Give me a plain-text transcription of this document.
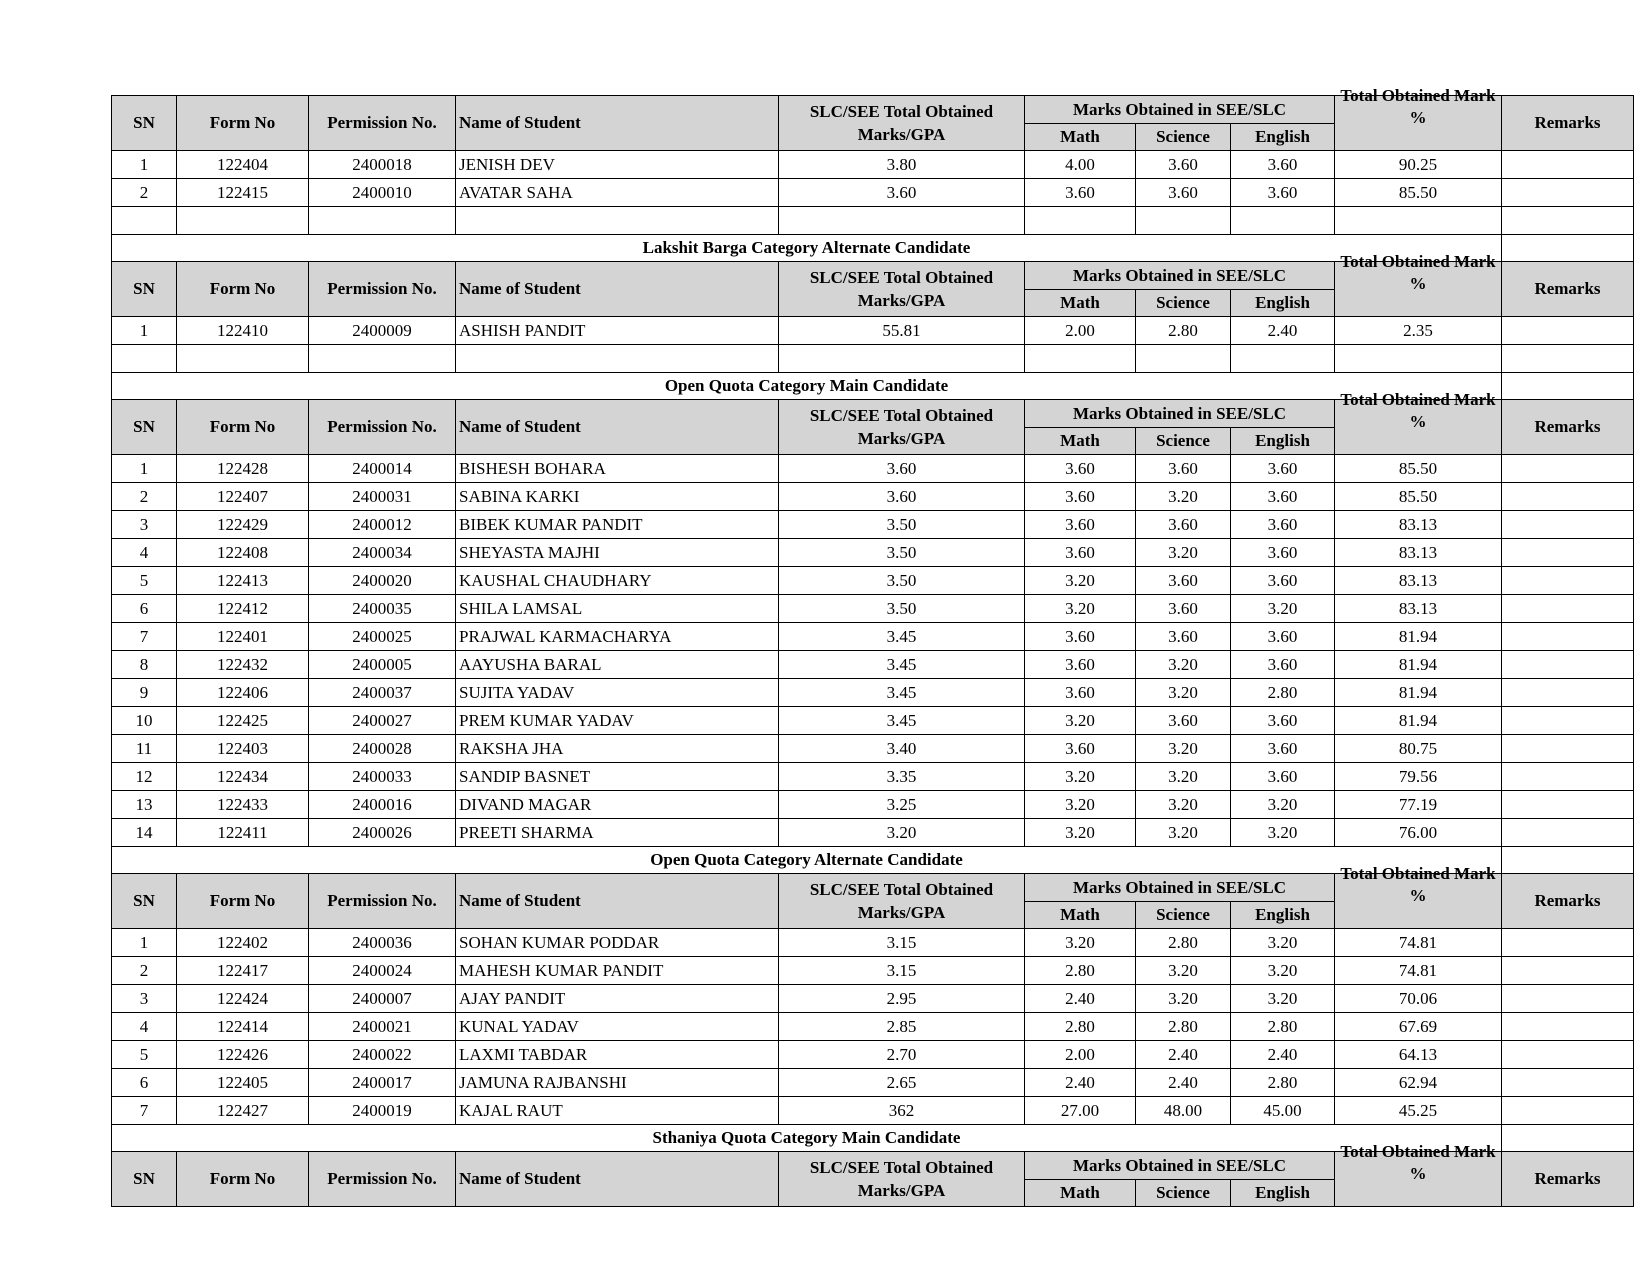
SN	Form No	Permission No.	Name of Student	SLC/SEE Total Obtained Marks/GPA	Marks Obtained in SEE/SLC			Total Obtained Mark %	Remarks
					Math	Science	English		
1	122404	2400018	JENISH DEV	3.80	4.00	3.60	3.60	90.25	
2	122415	2400010	AVATAR SAHA	3.60	3.60	3.60	3.60	85.50	

Lakshit Barga Category Alternate Candidate									
SN	Form No	Permission No.	Name of Student	SLC/SEE Total Obtained Marks/GPA	Marks Obtained in SEE/SLC			Total Obtained Mark %	Remarks
					Math	Science	English		
1	122410	2400009	ASHISH PANDIT	55.81	2.00	2.80	2.40	2.35	

Open Quota Category Main Candidate									
SN	Form No	Permission No.	Name of Student	SLC/SEE Total Obtained Marks/GPA	Marks Obtained in SEE/SLC			Total Obtained Mark %	Remarks
					Math	Science	English		
1	122428	2400014	BISHESH BOHARA	3.60	3.60	3.60	3.60	85.50	
2	122407	2400031	SABINA KARKI	3.60	3.60	3.20	3.60	85.50	
3	122429	2400012	BIBEK KUMAR PANDIT	3.50	3.60	3.60	3.60	83.13	
4	122408	2400034	SHEYASTA MAJHI	3.50	3.60	3.20	3.60	83.13	
5	122413	2400020	KAUSHAL CHAUDHARY	3.50	3.20	3.60	3.60	83.13	
6	122412	2400035	SHILA LAMSAL	3.50	3.20	3.60	3.20	83.13	
7	122401	2400025	PRAJWAL KARMACHARYA	3.45	3.60	3.60	3.60	81.94	
8	122432	2400005	AAYUSHA BARAL	3.45	3.60	3.20	3.60	81.94	
9	122406	2400037	SUJITA YADAV	3.45	3.60	3.20	2.80	81.94	
10	122425	2400027	PREM KUMAR YADAV	3.45	3.20	3.60	3.60	81.94	
11	122403	2400028	RAKSHA JHA	3.40	3.60	3.20	3.60	80.75	
12	122434	2400033	SANDIP BASNET	3.35	3.20	3.20	3.60	79.56	
13	122433	2400016	DIVAND MAGAR	3.25	3.20	3.20	3.20	77.19	
14	122411	2400026	PREETI SHARMA	3.20	3.20	3.20	3.20	76.00	
Open Quota Category Alternate Candidate									
SN	Form No	Permission No.	Name of Student	SLC/SEE Total Obtained Marks/GPA	Marks Obtained in SEE/SLC			Total Obtained Mark %	Remarks
					Math	Science	English		
1	122402	2400036	SOHAN KUMAR PODDAR	3.15	3.20	2.80	3.20	74.81	
2	122417	2400024	MAHESH KUMAR PANDIT	3.15	2.80	3.20	3.20	74.81	
3	122424	2400007	AJAY PANDIT	2.95	2.40	3.20	3.20	70.06	
4	122414	2400021	KUNAL YADAV	2.85	2.80	2.80	2.80	67.69	
5	122426	2400022	LAXMI TABDAR	2.70	2.00	2.40	2.40	64.13	
6	122405	2400017	JAMUNA RAJBANSHI	2.65	2.40	2.40	2.80	62.94	
7	122427	2400019	KAJAL RAUT	362	27.00	48.00	45.00	45.25	
Sthaniya Quota Category Main Candidate									
SN	Form No	Permission No.	Name of Student	SLC/SEE Total Obtained Marks/GPA	Marks Obtained in SEE/SLC			Total Obtained Mark %	Remarks
					Math	Science	English		
